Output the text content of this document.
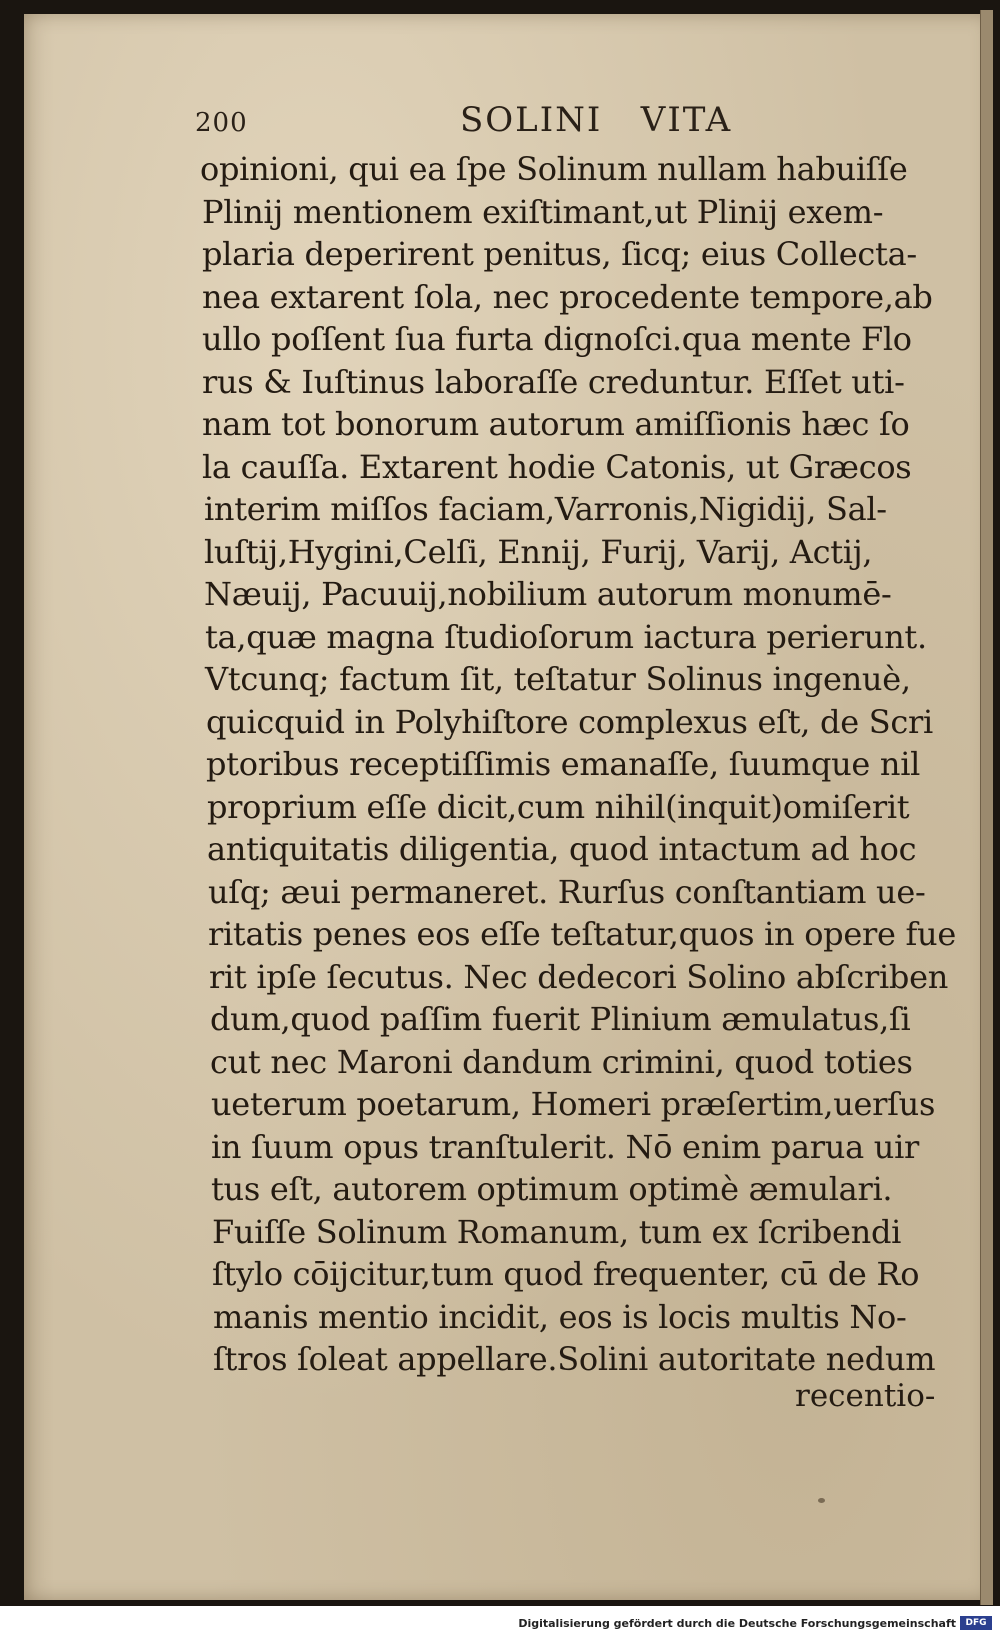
200	SOLINI   VITA
opinioni, qui ea ſpe Solinum nullam habuiſſe
Plinij mentionem exiſtimant,ut Plinij exem-
plaria deperirent penitus, ſicq; eius Collecta-
nea extarent ſola, nec procedente tempore,ab
ullo poſſent ſua furta dignoſci.qua mente Flo
rus & Iuſtinus laboraſſe creduntur. Eſſet uti-
nam tot bonorum autorum amiſſionis hæc ſo
la cauſſa. Extarent hodie Catonis, ut Græcos
interim miſſos faciam,Varronis,Nigidij, Sal-
luſtij,Hygini,Celſi, Ennij, Furij, Varij, Actij,
Næuij, Pacuuij,nobilium autorum monumē-
ta,quæ magna ſtudioſorum iactura perierunt.
Vtcunq; factum ſit, teſtatur Solinus ingenuè,
quicquid in Polyhiſtore complexus eſt, de Scri
ptoribus receptiſſimis emanaſſe, ſuumque nil
proprium eſſe dicit,cum nihil(inquit)omiſerit
antiquitatis diligentia, quod intactum ad hoc
uſq; æui permaneret. Rurſus conſtantiam ue-
ritatis penes eos eſſe teſtatur,quos in opere fue
rit ipſe ſecutus. Nec dedecori Solino abſcriben
dum,quod paſſim fuerit Plinium æmulatus,ſi
cut nec Maroni dandum crimini, quod toties
ueterum poetarum, Homeri præſertim,uerſus
in ſuum opus tranſtulerit. Nō enim parua uir
tus eſt, autorem optimum optimè æmulari.
Fuiſſe Solinum Romanum, tum ex ſcribendi
ſtylo cōijcitur,tum quod frequenter, cū de Ro
manis mentio incidit, eos is locis multis No-
ſtros ſoleat appellare.Solini autoritate nedum
recentio-
Digitalisierung gefördert durch die Deutsche Forschungsgemeinschaft	DFG
